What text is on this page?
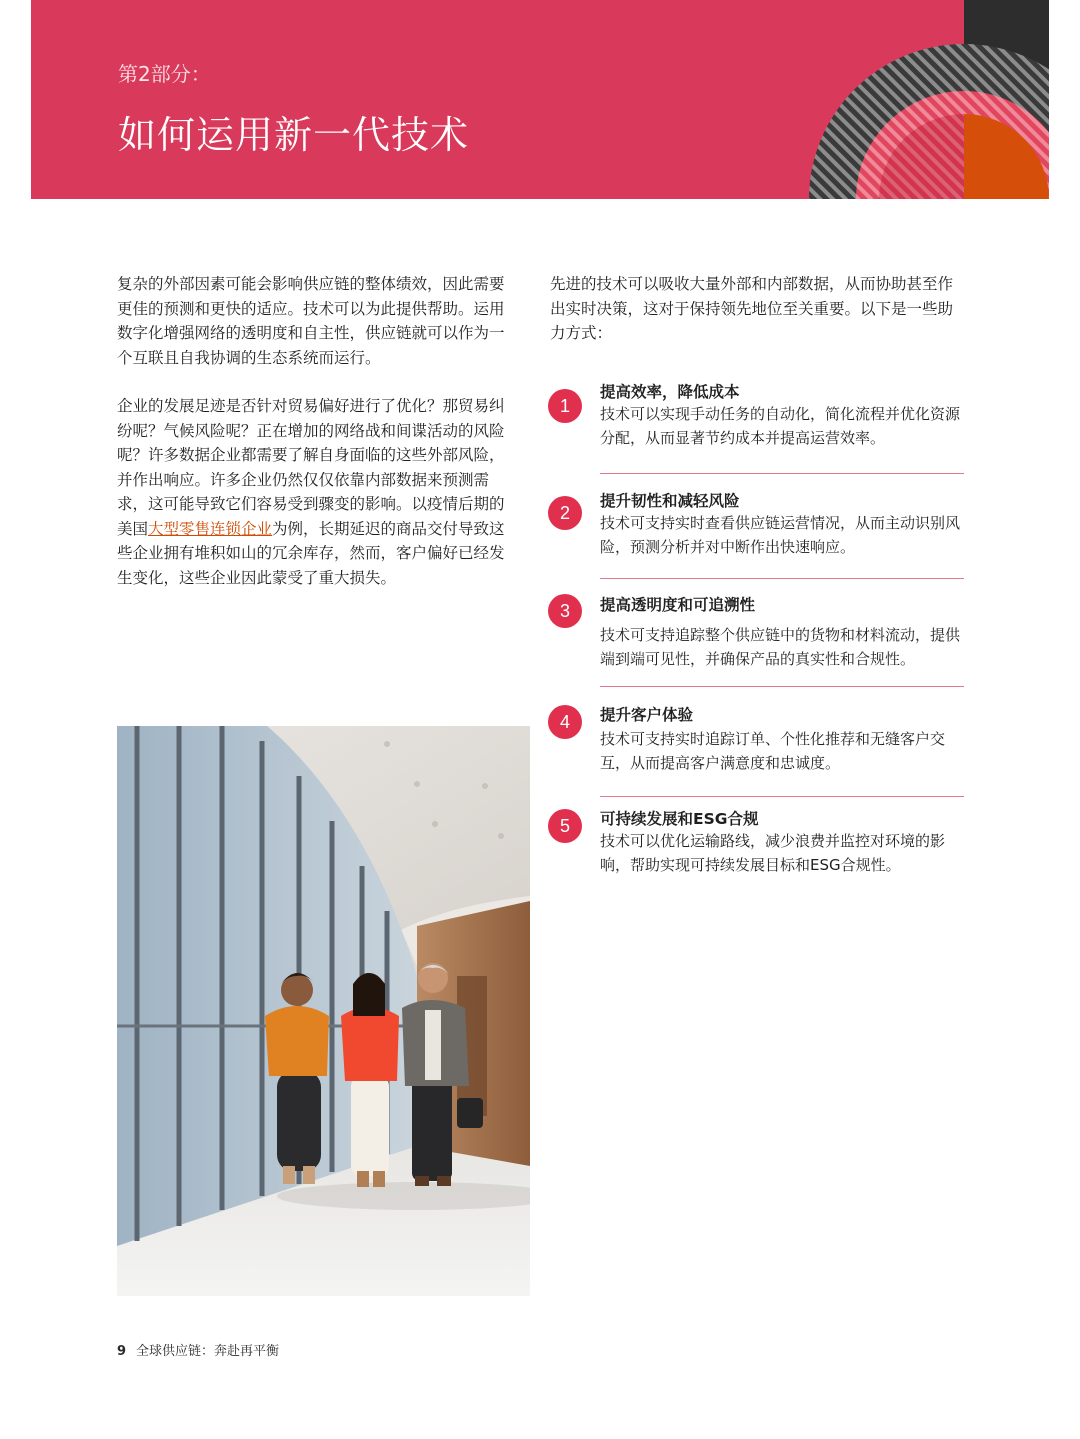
第2部分：
如何运用新一代技术

复杂的外部因素可能会影响供应链的整体绩效，因此需要更佳的预测和更快的适应。技术可以为此提供帮助。运用数字化增强网络的透明度和自主性，供应链就可以作为一个互联且自我协调的生态系统而运行。

企业的发展足迹是否针对贸易偏好进行了优化？那贸易纠纷呢？气候风险呢？正在增加的网络战和间谍活动的风险呢？许多数据企业都需要了解自身面临的这些外部风险，并作出响应。许多企业仍然仅仅依靠内部数据来预测需求，这可能导致它们容易受到骤变的影响。以疫情后期的美国大型零售连锁企业为例，长期延迟的商品交付导致这些企业拥有堆积如山的冗余库存，然而，客户偏好已经发生变化，这些企业因此蒙受了重大损失。

先进的技术可以吸收大量外部和内部数据，从而协助甚至作出实时决策，这对于保持领先地位至关重要。以下是一些助力方式：

1
提高效率，降低成本
技术可以实现手动任务的自动化，简化流程并优化资源分配，从而显著节约成本并提高运营效率。
2
提升韧性和减轻风险
技术可支持实时查看供应链运营情况，从而主动识别风险，预测分析并对中断作出快速响应。
3	提高透明度和可追溯性
技术可支持追踪整个供应链中的货物和材料流动，提供端到端可见性，并确保产品的真实性和合规性。
4	提升客户体验
技术可支持实时追踪订单、个性化推荐和无缝客户交互，从而提高客户满意度和忠诚度。
5	可持续发展和ESG合规
技术可以优化运输路线，减少浪费并监控对环境的影响，帮助实现可持续发展目标和ESG合规性。
9 全球供应链：奔赴再平衡
